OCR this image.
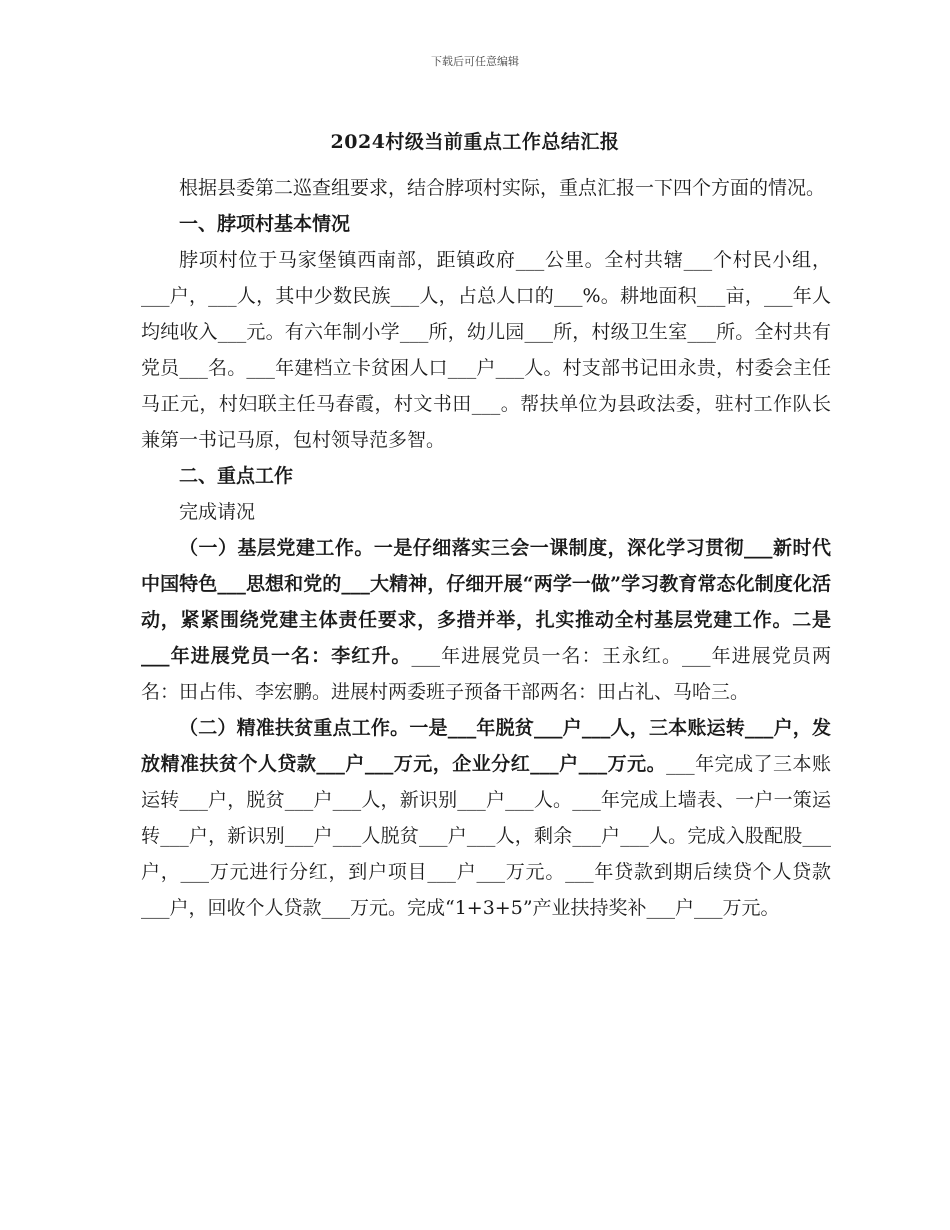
下载后可任意编辑
2024村级当前重点工作总结汇报

根据县委第二巡查组要求，结合脖项村实际，重点汇报一下四个方面的情况。

一、脖项村基本情况

脖项村位于马家堡镇西南部，距镇政府___公里。全村共辖___个村民小组，___户，___人，其中少数民族___人，占总人口的___%。耕地面积___亩，___年人均纯收入___元。有六年制小学___所，幼儿园___所，村级卫生室___所。全村共有党员___名。___年建档立卡贫困人口___户___人。村支部书记田永贵，村委会主任马正元，村妇联主任马春霞，村文书田___。帮扶单位为县政法委，驻村工作队长兼第一书记马原，包村领导范多智。

二、重点工作

完成请况

（一）基层党建工作。一是仔细落实三会一课制度，深化学习贯彻___新时代中国特色___思想和党的___大精神，仔细开展“两学一做”学习教育常态化制度化活动，紧紧围绕党建主体责任要求，多措并举，扎实推动全村基层党建工作。二是___年进展党员一名：李红升。___年进展党员一名：王永红。___年进展党员两名：田占伟、李宏鹏。进展村两委班子预备干部两名：田占礼、马哈三。

（二）精准扶贫重点工作。一是___年脱贫___户___人，三本账运转___户，发放精准扶贫个人贷款___户___万元，企业分红___户___万元。___年完成了三本账运转___户，脱贫___户___人，新识别___户___人。___年完成上墙表、一户一策运转___户，新识别___户___人脱贫___户___人，剩余___户___人。完成入股配股___户，___万元进行分红，到户项目___户___万元。___年贷款到期后续贷个人贷款___户，回收个人贷款___万元。完成“1+3+5”产业扶持奖补___户___万元。
